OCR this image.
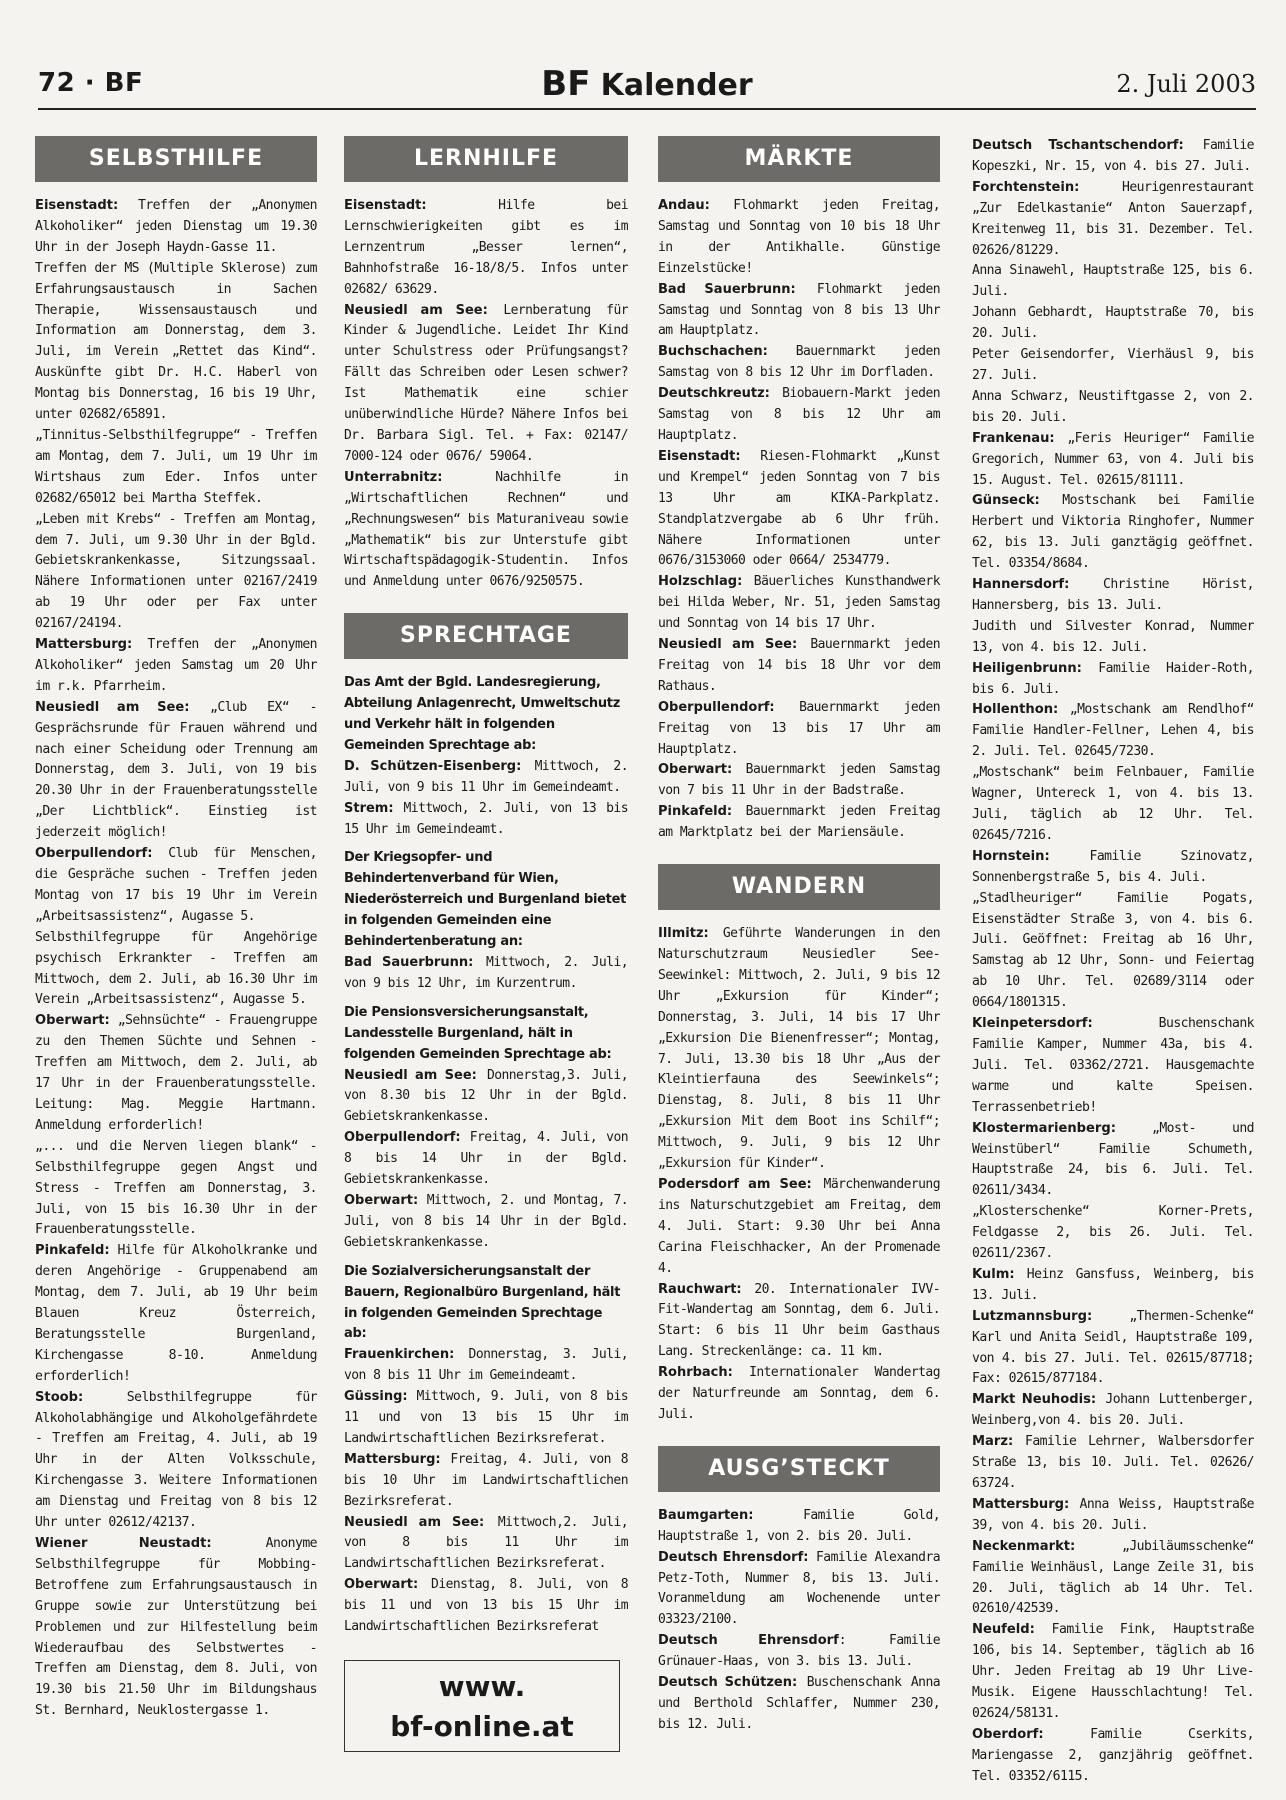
72 · BF	BF Kalender	2. Juli 2003
SELBSTHILFE

Eisenstadt: Treffen der „Anonymen Alkoholiker“ jeden Dienstag um 19.30 Uhr in der Joseph Haydn-Gasse 11.

Treffen der MS (Multiple Sklerose) zum Erfahrungsaustausch in Sachen Therapie, Wissensaustausch und Information am Donnerstag, dem 3. Juli, im Verein „Rettet das Kind“. Auskünfte gibt Dr. H.C. Haberl von Montag bis Donnerstag, 16 bis 19 Uhr, unter 02682/65891.

„Tinnitus-Selbsthilfegruppe“ - Treffen am Montag, dem 7. Juli, um 19 Uhr im Wirtshaus zum Eder. Infos unter 02682/65012 bei Martha Steffek.

„Leben mit Krebs“ - Treffen am Montag, dem 7. Juli, um 9.30 Uhr in der Bgld. Gebietskrankenkasse, Sitzungssaal. Nähere Informationen unter 02167/2419 ab 19 Uhr oder per Fax unter 02167/24194.

Mattersburg: Treffen der „Anonymen Alkoholiker“ jeden Samstag um 20 Uhr im r.k. Pfarrheim.

Neusiedl am See: „Club EX“ - Gesprächsrunde für Frauen während und nach einer Scheidung oder Trennung am Donnerstag, dem 3. Juli, von 19 bis 20.30 Uhr in der Frauenberatungsstelle „Der Lichtblick“. Einstieg ist jederzeit möglich!

Oberpullendorf: Club für Menschen, die Gespräche suchen - Treffen jeden Montag von 17 bis 19 Uhr im Verein „Arbeitsassistenz“, Augasse 5.

Selbsthilfegruppe für Angehörige psychisch Erkrankter - Treffen am Mittwoch, dem 2. Juli, ab 16.30 Uhr im Verein „Arbeitsassistenz“, Augasse 5.

Oberwart: „Sehnsüchte“ - Frauengruppe zu den Themen Süchte und Sehnen - Treffen am Mittwoch, dem 2. Juli, ab 17 Uhr in der Frauenberatungsstelle. Leitung: Mag. Meggie Hartmann. Anmeldung erforderlich!

„... und die Nerven liegen blank“ - Selbsthilfegruppe gegen Angst und Stress - Treffen am Donnerstag, 3. Juli, von 15 bis 16.30 Uhr in der Frauenberatungsstelle.

Pinkafeld: Hilfe für Alkoholkranke und deren Angehörige - Gruppenabend am Montag, dem 7. Juli, ab 19 Uhr beim Blauen Kreuz Österreich, Beratungsstelle Burgenland, Kirchengasse 8-10. Anmeldung erforderlich!

Stoob: Selbsthilfegruppe für Alkoholabhängige und Alkoholgefährdete - Treffen am Freitag, 4. Juli, ab 19 Uhr in der Alten Volksschule, Kirchengasse 3. Weitere Informationen am Dienstag und Freitag von 8 bis 12 Uhr unter 02612/42137.

Wiener Neustadt: Anonyme Selbsthilfegruppe für Mobbing-Betroffene zum Erfahrungsaustausch in Gruppe sowie zur Unterstützung bei Problemen und zur Hilfestellung beim Wiederaufbau des Selbstwertes - Treffen am Dienstag, dem 8. Juli, von 19.30 bis 21.50 Uhr im Bildungshaus St. Bernhard, Neuklostergasse 1.

LERNHILFE

Eisenstadt: Hilfe bei Lernschwierigkeiten gibt es im Lernzentrum „Besser lernen“, Bahnhofstraße 16-18/8/5. Infos unter 02682/ 63629.

Neusiedl am See: Lernberatung für Kinder & Jugendliche. Leidet Ihr Kind unter Schulstress oder Prüfungsangst? Fällt das Schreiben oder Lesen schwer? Ist Mathematik eine schier unüberwindliche Hürde? Nähere Infos bei Dr. Barbara Sigl. Tel. + Fax: 02147/ 7000-124 oder 0676/ 59064.

Unterrabnitz: Nachhilfe in „Wirtschaftlichen Rechnen“ und „Rechnungswesen“ bis Maturaniveau sowie „Mathematik“ bis zur Unterstufe gibt Wirtschaftspädagogik-Studentin. Infos und Anmeldung unter 0676/9250575.

SPRECHTAGE

Das Amt der Bgld. Landesregierung, Abteilung Anlagenrecht, Umweltschutz und Verkehr hält in folgenden Gemeinden Sprechtage ab:

D. Schützen-Eisenberg: Mittwoch, 2. Juli, von 9 bis 11 Uhr im Gemeindeamt.

Strem: Mittwoch, 2. Juli, von 13 bis 15 Uhr im Gemeindeamt.

Der Kriegsopfer- und Behindertenverband für Wien, Niederösterreich und Burgenland bietet in folgenden Gemeinden eine Behindertenberatung an:

Bad Sauerbrunn: Mittwoch, 2. Juli, von 9 bis 12 Uhr, im Kurzentrum.

Die Pensionsversicherungsanstalt, Landesstelle Burgenland, hält in folgenden Gemeinden Sprechtage ab:

Neusiedl am See: Donnerstag,3. Juli, von 8.30 bis 12 Uhr in der Bgld. Gebietskrankenkasse.

Oberpullendorf: Freitag, 4. Juli, von 8 bis 14 Uhr in der Bgld. Gebietskrankenkasse.

Oberwart: Mittwoch, 2. und Montag, 7. Juli, von 8 bis 14 Uhr in der Bgld. Gebietskrankenkasse.

Die Sozialversicherungsanstalt der Bauern, Regionalbüro Burgenland, hält in folgenden Gemeinden Sprechtage ab:

Frauenkirchen: Donnerstag, 3. Juli, von 8 bis 11 Uhr im Gemeindeamt.

Güssing: Mittwoch, 9. Juli, von 8 bis 11 und von 13 bis 15 Uhr im Landwirtschaftlichen Bezirksreferat.

Mattersburg: Freitag, 4. Juli, von 8 bis 10 Uhr im Landwirtschaftlichen Bezirksreferat.

Neusiedl am See: Mittwoch,2. Juli, von 8 bis 11 Uhr im Landwirtschaftlichen Bezirksreferat.

Oberwart: Dienstag, 8. Juli, von 8 bis 11 und von 13 bis 15 Uhr im Landwirtschaftlichen Bezirksreferat

www.
bf-online.at
MÄRKTE

Andau: Flohmarkt jeden Freitag, Samstag und Sonntag von 10 bis 18 Uhr in der Antikhalle. Günstige Einzelstücke!

Bad Sauerbrunn: Flohmarkt jeden Samstag und Sonntag von 8 bis 13 Uhr am Hauptplatz.

Buchschachen: Bauernmarkt jeden Samstag von 8 bis 12 Uhr im Dorfladen.

Deutschkreutz: Biobauern-Markt jeden Samstag von 8 bis 12 Uhr am Hauptplatz.

Eisenstadt: Riesen-Flohmarkt „Kunst und Krempel“ jeden Sonntag von 7 bis 13 Uhr am KIKA-Parkplatz. Standplatzvergabe ab 6 Uhr früh. Nähere Informationen unter 0676/3153060 oder 0664/ 2534779.

Holzschlag: Bäuerliches Kunsthandwerk bei Hilda Weber, Nr. 51, jeden Samstag und Sonntag von 14 bis 17 Uhr.

Neusiedl am See: Bauernmarkt jeden Freitag von 14 bis 18 Uhr vor dem Rathaus.

Oberpullendorf: Bauernmarkt jeden Freitag von 13 bis 17 Uhr am Hauptplatz.

Oberwart: Bauernmarkt jeden Samstag von 7 bis 11 Uhr in der Badstraße.

Pinkafeld: Bauernmarkt jeden Freitag am Marktplatz bei der Mariensäule.

WANDERN

Illmitz: Geführte Wanderungen in den Naturschutzraum Neusiedler See-Seewinkel: Mittwoch, 2. Juli, 9 bis 12 Uhr „Exkursion für Kinder“; Donnerstag, 3. Juli, 14 bis 17 Uhr „Exkursion Die Bienenfresser“; Montag, 7. Juli, 13.30 bis 18 Uhr „Aus der Kleintierfauna des Seewinkels“; Dienstag, 8. Juli, 8 bis 11 Uhr „Exkursion Mit dem Boot ins Schilf“; Mittwoch, 9. Juli, 9 bis 12 Uhr „Exkursion für Kinder“.

Podersdorf am See: Märchenwanderung ins Naturschutzgebiet am Freitag, dem 4. Juli. Start: 9.30 Uhr bei Anna Carina Fleischhacker, An der Promenade 4.

Rauchwart: 20. Internationaler IVV-Fit-Wandertag am Sonntag, dem 6. Juli. Start: 6 bis 11 Uhr beim Gasthaus Lang. Streckenlänge: ca. 11 km.

Rohrbach: Internationaler Wandertag der Naturfreunde am Sonntag, dem 6. Juli.

AUSG’STECKT

Baumgarten: Familie Gold, Hauptstraße 1, von 2. bis 20. Juli.

Deutsch Ehrensdorf: Familie Alexandra Petz-Toth, Nummer 8, bis 13. Juli. Voranmeldung am Wochenende unter 03323/2100.

Deutsch Ehrensdorf: Familie Grünauer-Haas, von 3. bis 13. Juli.

Deutsch Schützen: Buschenschank Anna und Berthold Schlaffer, Nummer 230, bis 12. Juli.

Deutsch Tschantschendorf: Familie Kopeszki, Nr. 15, von 4. bis 27. Juli.

Forchtenstein: Heurigenrestaurant „Zur Edelkastanie“ Anton Sauerzapf, Kreitenweg 11, bis 31. Dezember. Tel. 02626/81229.

Anna Sinawehl, Hauptstraße 125, bis 6. Juli.

Johann Gebhardt, Hauptstraße 70, bis 20. Juli.

Peter Geisendorfer, Vierhäusl 9, bis 27. Juli.

Anna Schwarz, Neustiftgasse 2, von 2. bis 20. Juli.

Frankenau: „Feris Heuriger“ Familie Gregorich, Nummer 63, von 4. Juli bis 15. August. Tel. 02615/81111.

Günseck: Mostschank bei Familie Herbert und Viktoria Ringhofer, Nummer 62, bis 13. Juli ganztägig geöffnet. Tel. 03354/8684.

Hannersdorf: Christine Hörist, Hannersberg, bis 13. Juli.

Judith und Silvester Konrad, Nummer 13, von 4. bis 12. Juli.

Heiligenbrunn: Familie Haider-Roth, bis 6. Juli.

Hollenthon: „Mostschank am Rendlhof“ Familie Handler-Fellner, Lehen 4, bis 2. Juli. Tel. 02645/7230.

„Mostschank“ beim Felnbauer, Familie Wagner, Untereck 1, von 4. bis 13. Juli, täglich ab 12 Uhr. Tel. 02645/7216.

Hornstein: Familie Szinovatz, Sonnenbergstraße 5, bis 4. Juli.

„Stadlheuriger“ Familie Pogats, Eisenstädter Straße 3, von 4. bis 6. Juli. Geöffnet: Freitag ab 16 Uhr, Samstag ab 12 Uhr, Sonn- und Feiertag ab 10 Uhr. Tel. 02689/3114 oder 0664/1801315.

Kleinpetersdorf: Buschenschank Familie Kamper, Nummer 43a, bis 4. Juli. Tel. 03362/2721. Hausgemachte warme und kalte Speisen. Terrassenbetrieb!

Klostermarienberg: „Most- und Weinstüberl“ Familie Schumeth, Hauptstraße 24, bis 6. Juli. Tel. 02611/3434.

„Klosterschenke“ Korner-Prets, Feldgasse 2, bis 26. Juli. Tel. 02611/2367.

Kulm: Heinz Gansfuss, Weinberg, bis 13. Juli.

Lutzmannsburg: „Thermen-Schenke“ Karl und Anita Seidl, Hauptstraße 109, von 4. bis 27. Juli. Tel. 02615/87718; Fax: 02615/877184.

Markt Neuhodis: Johann Luttenberger, Weinberg,von 4. bis 20. Juli.

Marz: Familie Lehrner, Walbersdorfer Straße 13, bis 10. Juli. Tel. 02626/ 63724.

Mattersburg: Anna Weiss, Hauptstraße 39, von 4. bis 20. Juli.

Neckenmarkt: „Jubiläumsschenke“ Familie Weinhäusl, Lange Zeile 31, bis 20. Juli, täglich ab 14 Uhr. Tel. 02610/42539.

Neufeld: Familie Fink, Hauptstraße 106, bis 14. September, täglich ab 16 Uhr. Jeden Freitag ab 19 Uhr Live-Musik. Eigene Hausschlachtung! Tel. 02624/58131.

Oberdorf: Familie Cserkits, Mariengasse 2, ganzjährig geöffnet. Tel. 03352/6115.
